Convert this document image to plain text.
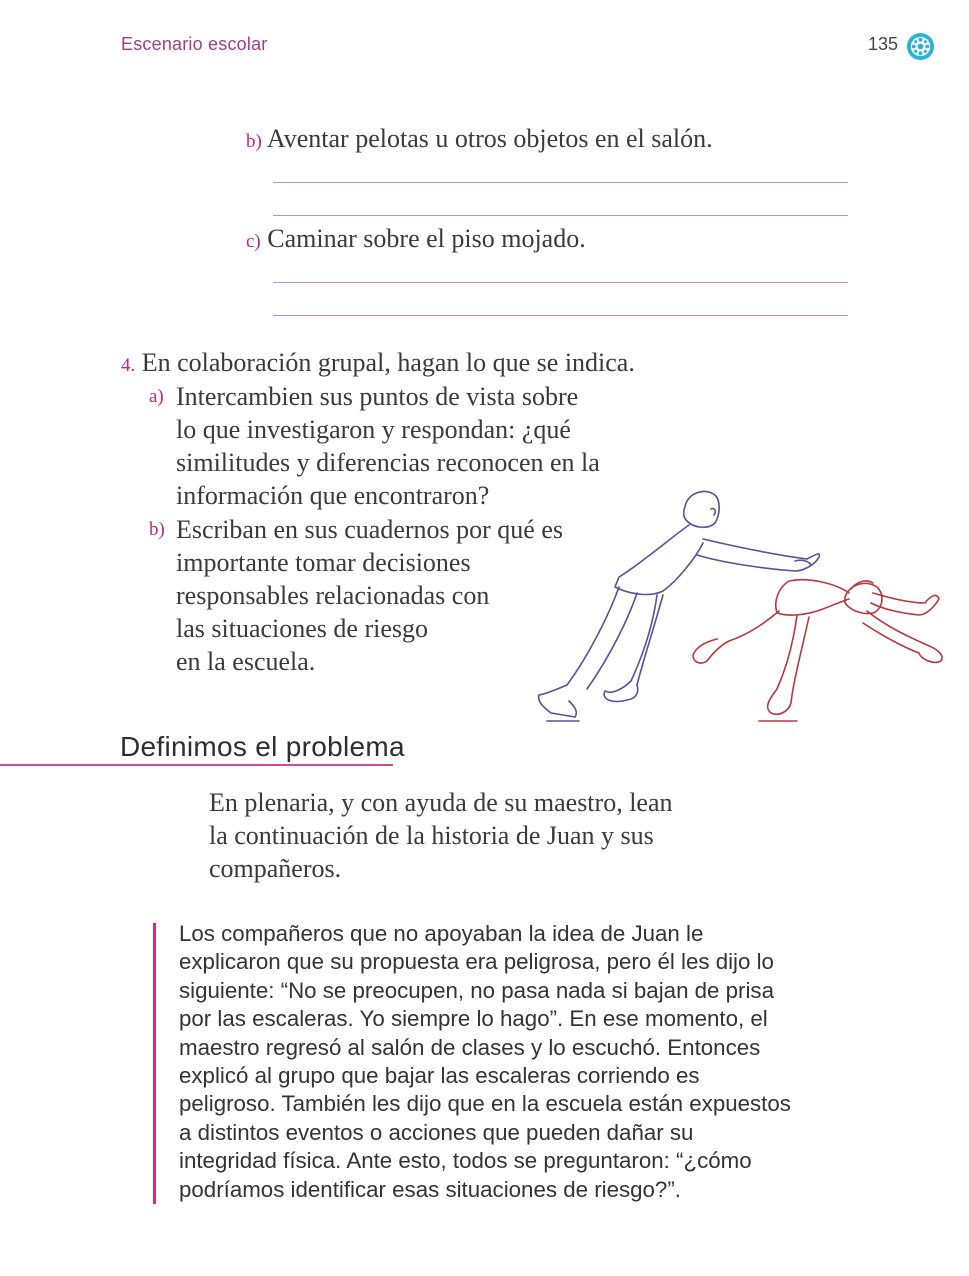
Escenario escolar	135
b) Aventar pelotas u otros objetos en el salón.
c) Caminar sobre el piso mojado.
4. En colaboración grupal, hagan lo que se indica.
a) Intercambien sus puntos de vista sobre
lo que investigaron y respondan: ¿qué
similitudes y diferencias reconocen en la
información que encontraron?
b) Escriban en sus cuadernos por qué es
importante tomar decisiones
responsables relacionadas con
las situaciones de riesgo
en la escuela.
Definimos el problema
En plenaria, y con ayuda de su maestro, lean
la continuación de la historia de Juan y sus
compañeros.
Los compañeros que no apoyaban la idea de Juan le
explicaron que su propuesta era peligrosa, pero él les dijo lo
siguiente: “No se preocupen, no pasa nada si bajan de prisa
por las escaleras. Yo siempre lo hago”. En ese momento, el
maestro regresó al salón de clases y lo escuchó. Entonces
explicó al grupo que bajar las escaleras corriendo es
peligroso. También les dijo que en la escuela están expuestos
a distintos eventos o acciones que pueden dañar su
integridad física. Ante esto, todos se preguntaron: “¿cómo
podríamos identificar esas situaciones de riesgo?”.
